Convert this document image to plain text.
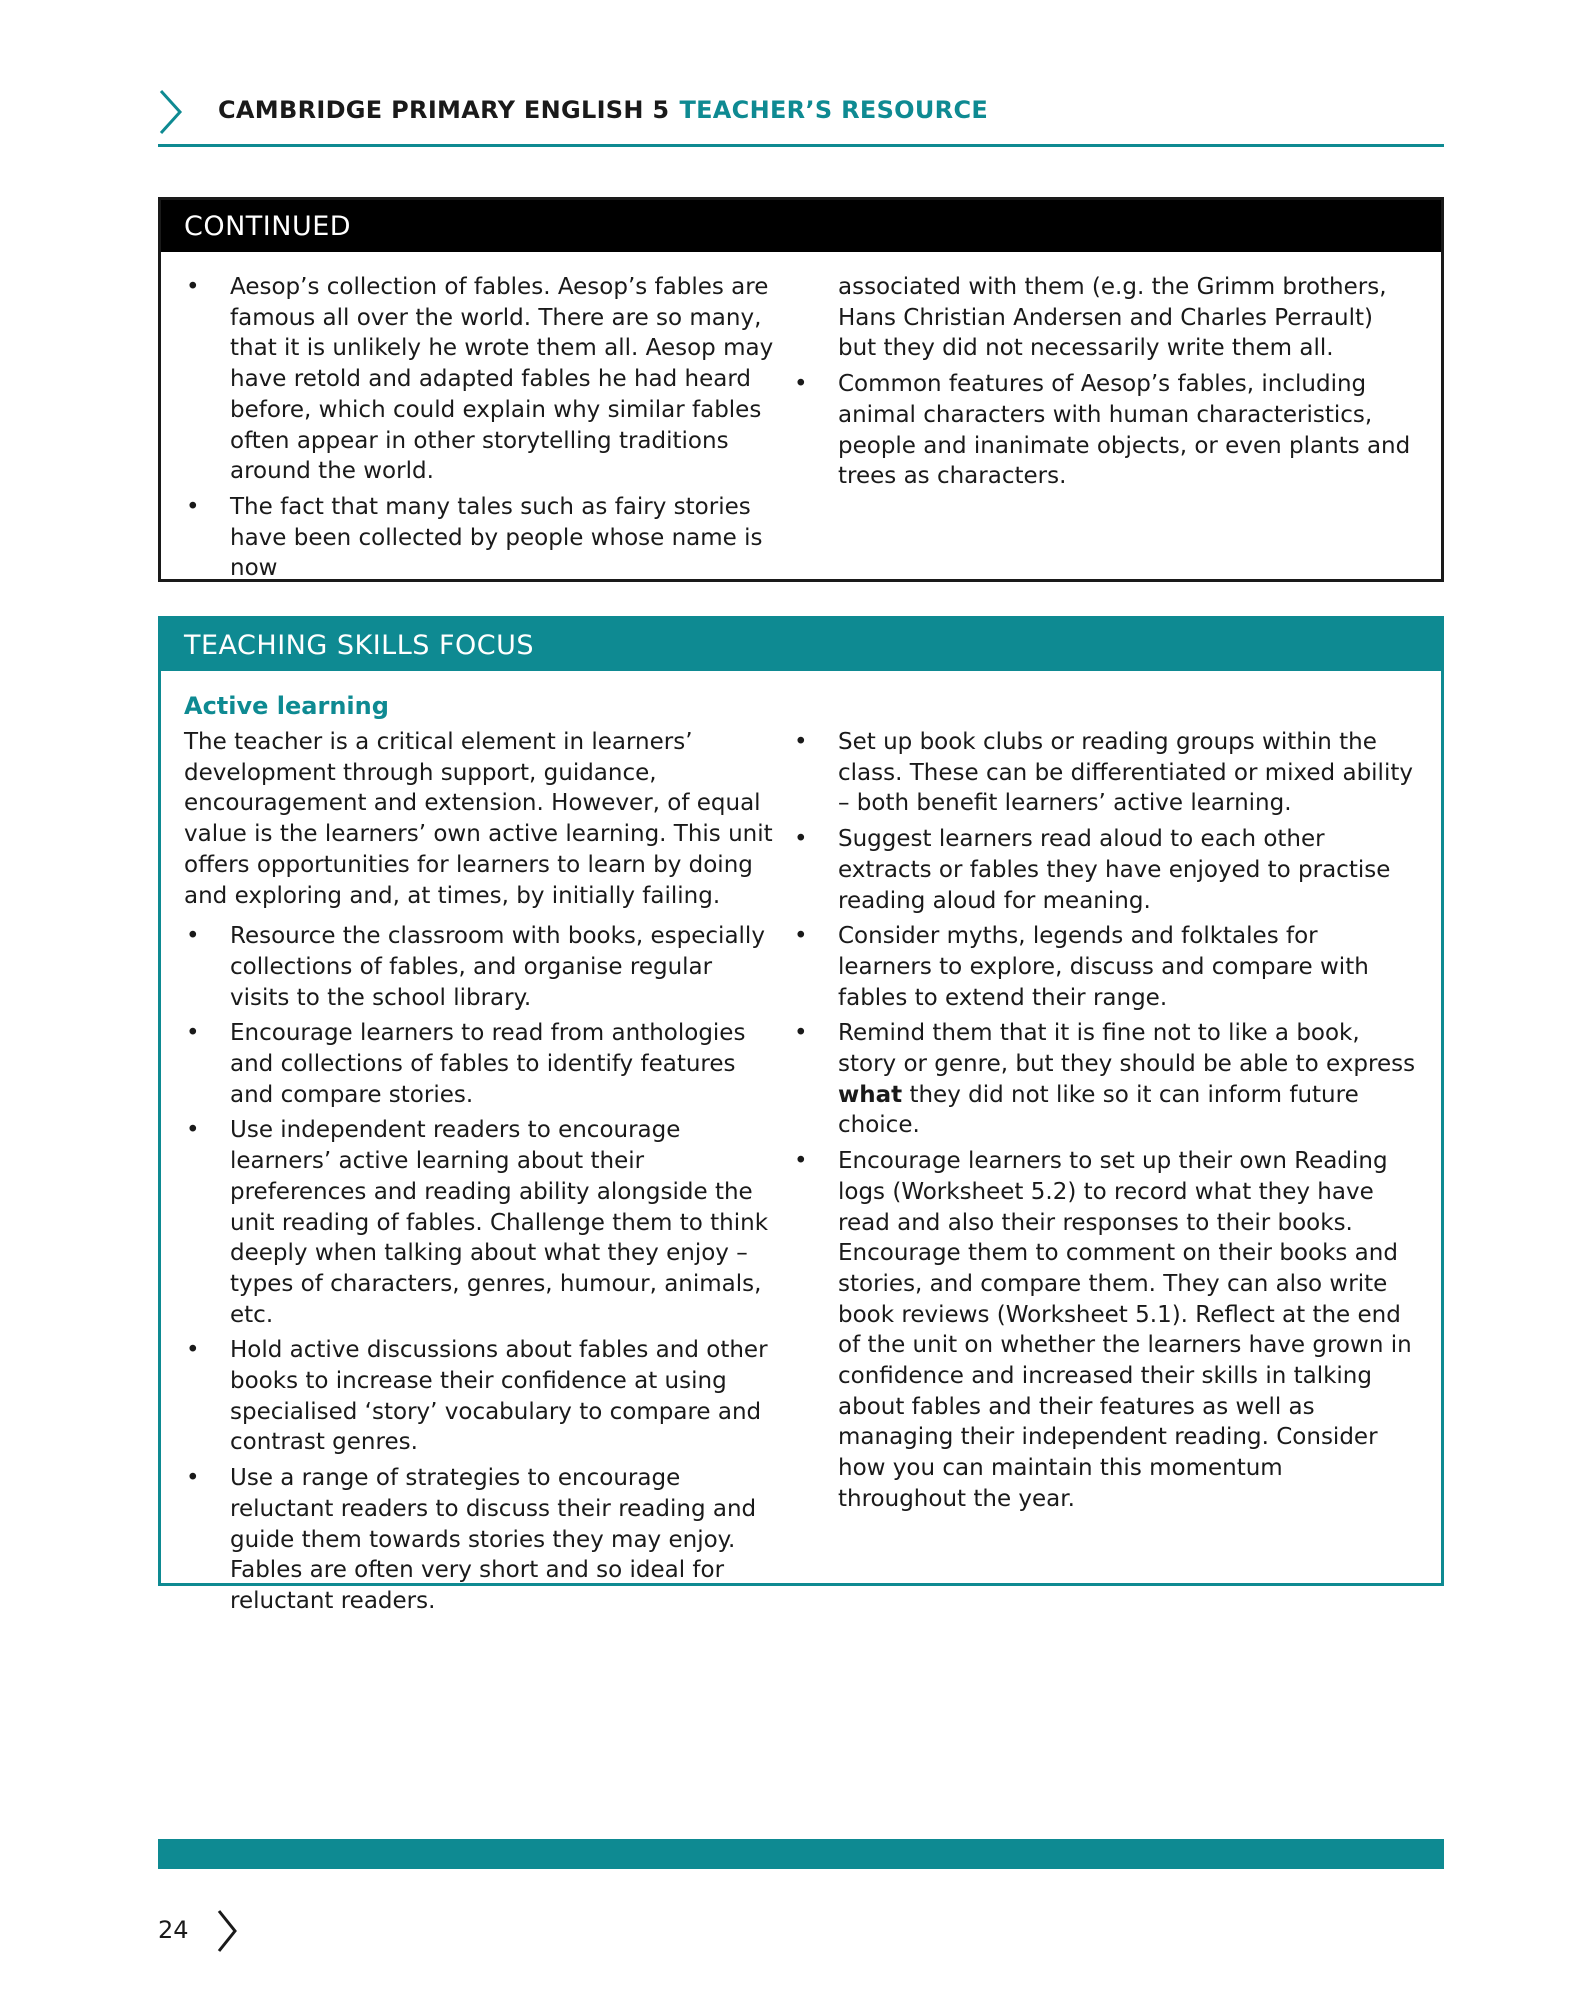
CAMBRIDGE PRIMARY ENGLISH 5 TEACHER’S RESOURCE
CONTINUED
• Aesop’s collection of fables. Aesop’s fables are famous all over the world. There are so many, that it is unlikely he wrote them all. Aesop may have retold and adapted fables he had heard before, which could explain why similar fables often appear in other storytelling traditions around the world.
• The fact that many tales such as fairy stories have been collected by people whose name is now
associated with them (e.g. the Grimm brothers, Hans Christian Andersen and Charles Perrault) but they did not necessarily write them all.
• Common features of Aesop’s fables, including animal characters with human characteristics, people and inanimate objects, or even plants and trees as characters.
TEACHING SKILLS FOCUS
Active learning
The teacher is a critical element in learners’ development through support, guidance, encouragement and extension. However, of equal value is the learners’ own active learning. This unit offers opportunities for learners to learn by doing and exploring and, at times, by initially failing.
• Resource the classroom with books, especially collections of fables, and organise regular visits to the school library.
• Encourage learners to read from anthologies and collections of fables to identify features and compare stories.
• Use independent readers to encourage learners’ active learning about their preferences and reading ability alongside the unit reading of fables. Challenge them to think deeply when talking about what they enjoy – types of characters, genres, humour, animals, etc.
• Hold active discussions about fables and other books to increase their confidence at using specialised ‘story’ vocabulary to compare and contrast genres.
• Use a range of strategies to encourage reluctant readers to discuss their reading and guide them towards stories they may enjoy. Fables are often very short and so ideal for reluctant readers.
• Set up book clubs or reading groups within the class. These can be differentiated or mixed ability – both benefit learners’ active learning.
• Suggest learners read aloud to each other extracts or fables they have enjoyed to practise reading aloud for meaning.
• Consider myths, legends and folktales for learners to explore, discuss and compare with fables to extend their range.
• Remind them that it is fine not to like a book, story or genre, but they should be able to express what they did not like so it can inform future choice.
• Encourage learners to set up their own Reading logs (Worksheet 5.2) to record what they have read and also their responses to their books. Encourage them to comment on their books and stories, and compare them. They can also write book reviews (Worksheet 5.1). Reflect at the end of the unit on whether the learners have grown in confidence and increased their skills in talking about fables and their features as well as managing their independent reading. Consider how you can maintain this momentum throughout the year.
24
